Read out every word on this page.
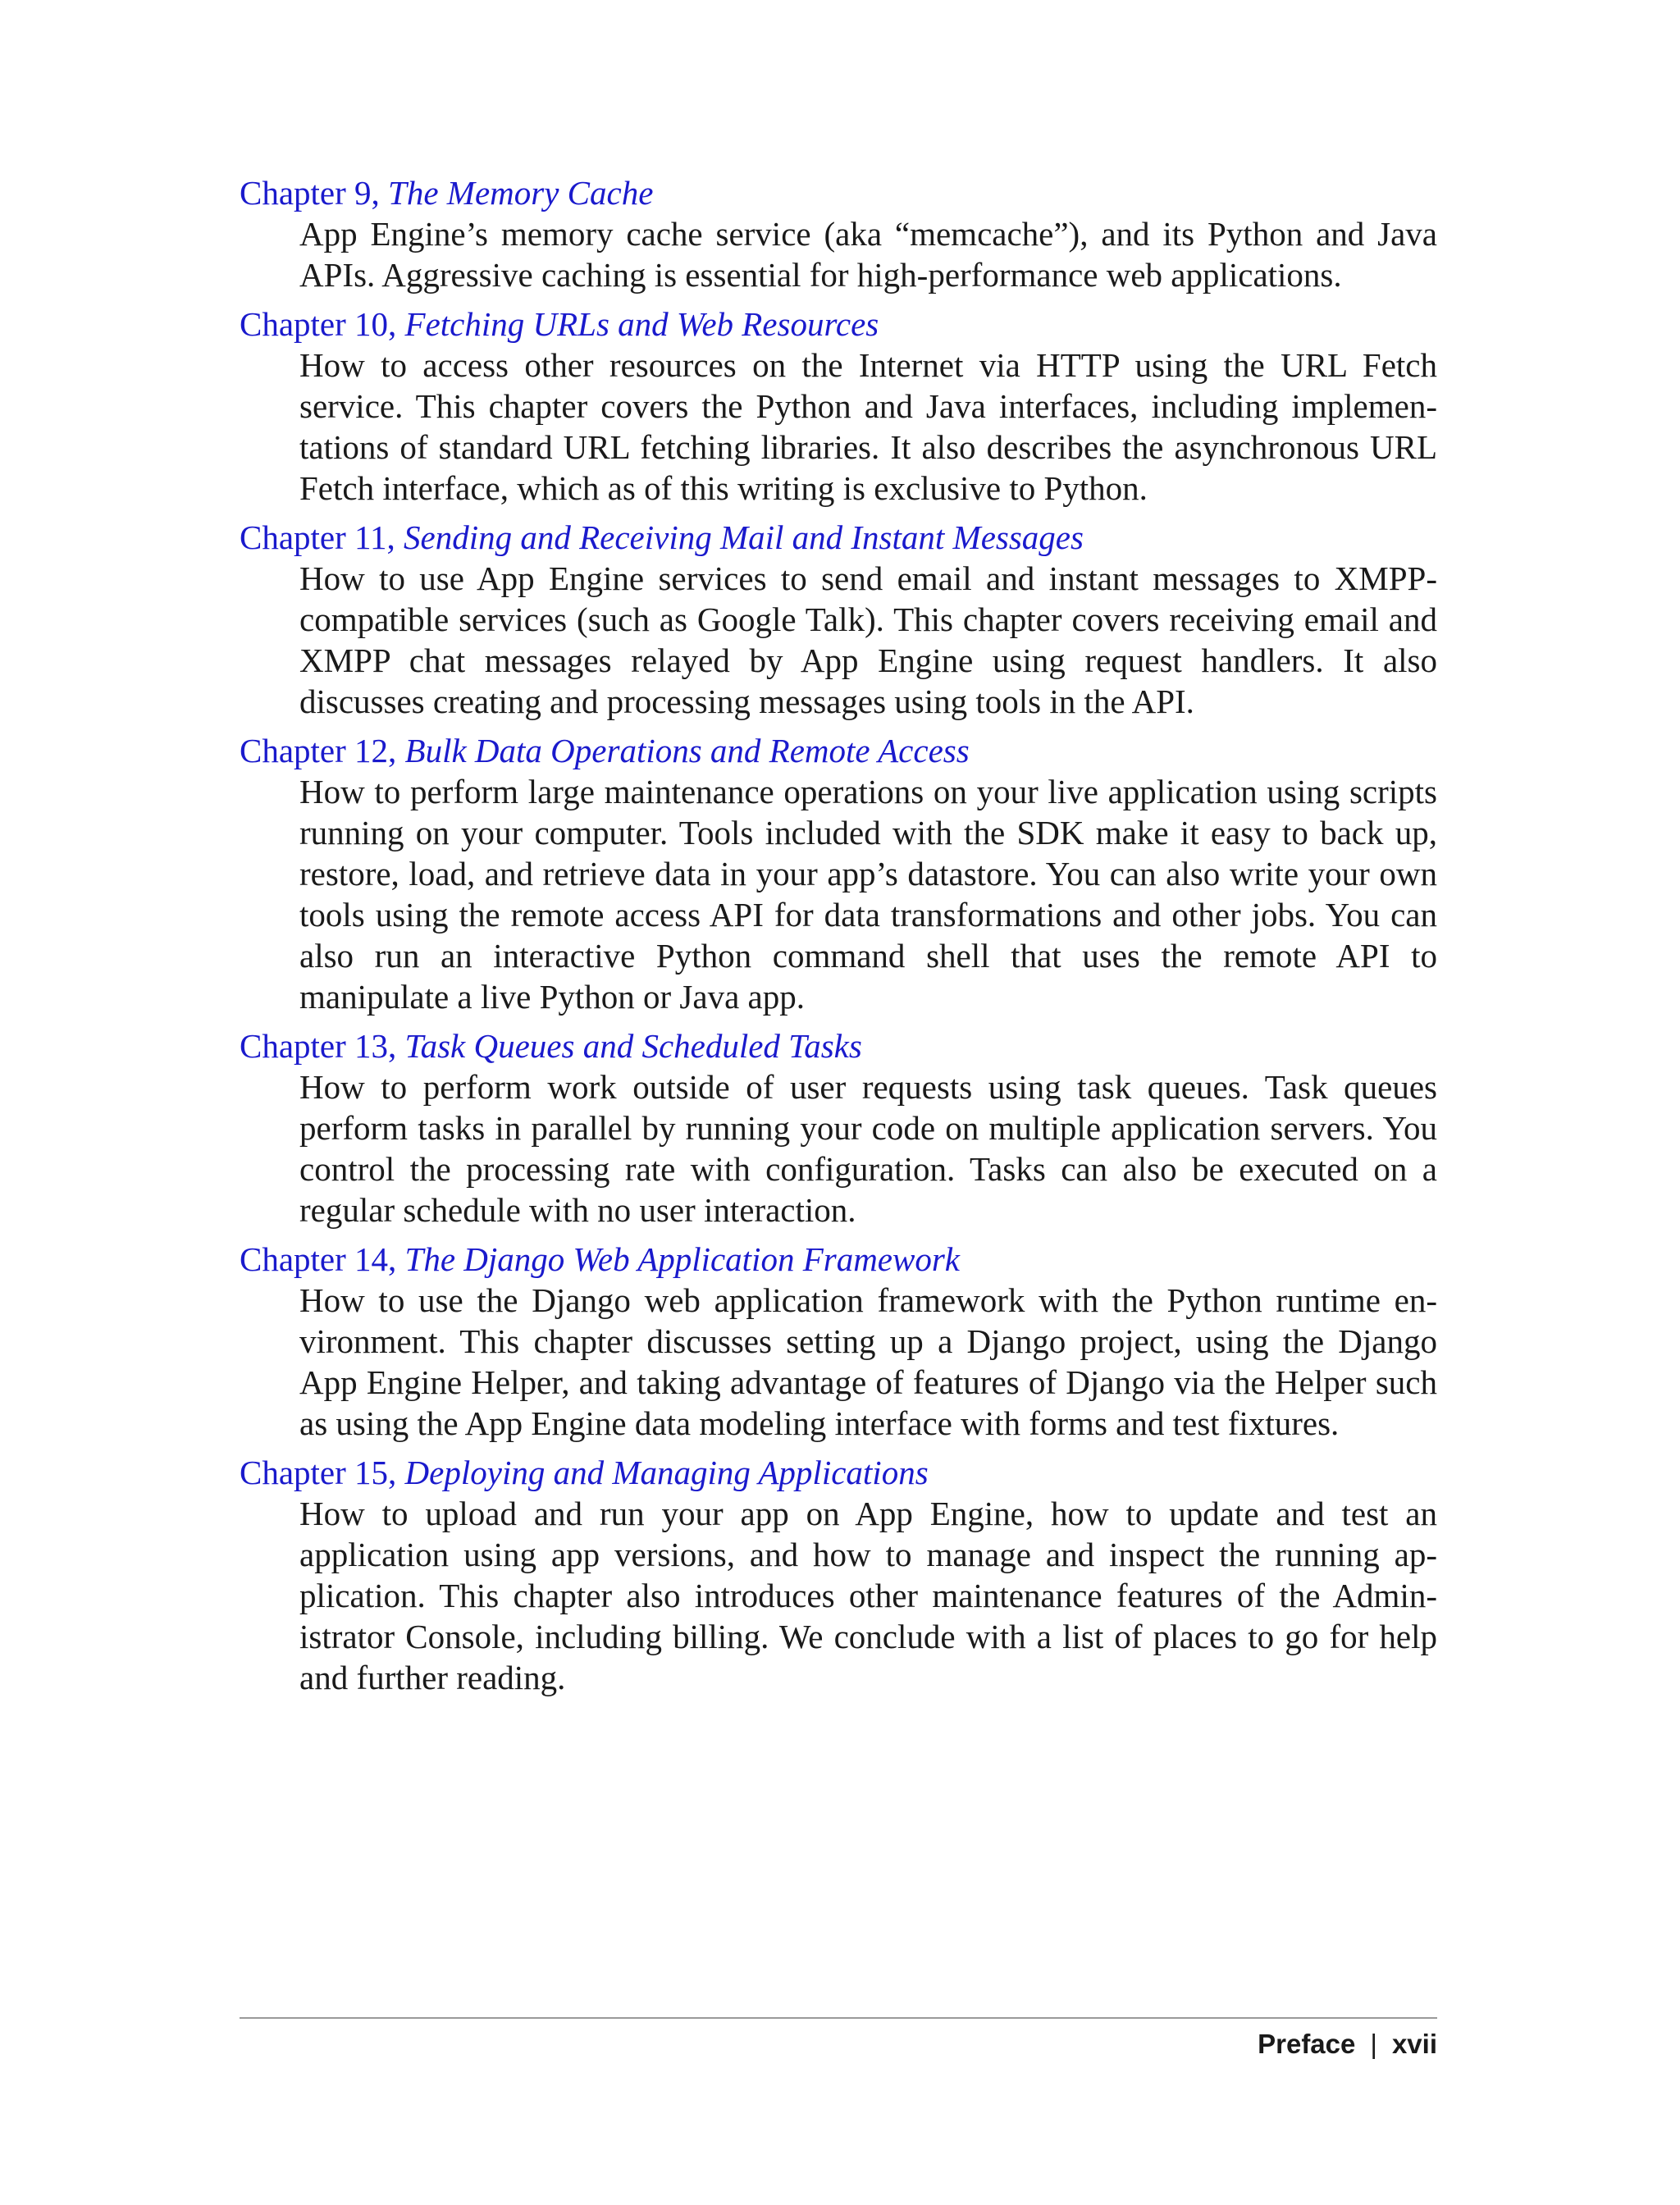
Chapter 9, The Memory Cache

App Engine’s memory cache service (aka “memcache”), and its Python and Java APIs. Aggressive caching is essential for high-performance web applications.

Chapter 10, Fetching URLs and Web Resources

How to access other resources on the Internet via HTTP using the URL Fetch service. This chapter covers the Python and Java interfaces, including implementations of standard URL fetching libraries. It also describes the asynchronous URL Fetch interface, which as of this writing is exclusive to Python.

Chapter 11, Sending and Receiving Mail and Instant Messages

How to use App Engine services to send email and instant messages to XMPP-compatible services (such as Google Talk). This chapter covers receiving email and XMPP chat messages relayed by App Engine using request handlers. It also discusses creating and processing messages using tools in the API.

Chapter 12, Bulk Data Operations and Remote Access

How to perform large maintenance operations on your live application using scripts running on your computer. Tools included with the SDK make it easy to back up, restore, load, and retrieve data in your app’s datastore. You can also write your own tools using the remote access API for data transformations and other jobs. You can also run an interactive Python command shell that uses the remote API to manipulate a live Python or Java app.

Chapter 13, Task Queues and Scheduled Tasks

How to perform work outside of user requests using task queues. Task queues perform tasks in parallel by running your code on multiple application servers. You control the processing rate with configuration. Tasks can also be executed on a regular schedule with no user interaction.

Chapter 14, The Django Web Application Framework

How to use the Django web application framework with the Python runtime environment. This chapter discusses setting up a Django project, using the Django App Engine Helper, and taking advantage of features of Django via the Helper such as using the App Engine data modeling interface with forms and test fixtures.

Chapter 15, Deploying and Managing Applications

How to upload and run your app on App Engine, how to update and test an application using app versions, and how to manage and inspect the running application. This chapter also introduces other maintenance features of the Administrator Console, including billing. We conclude with a list of places to go for help and further reading.

Preface | xvii
